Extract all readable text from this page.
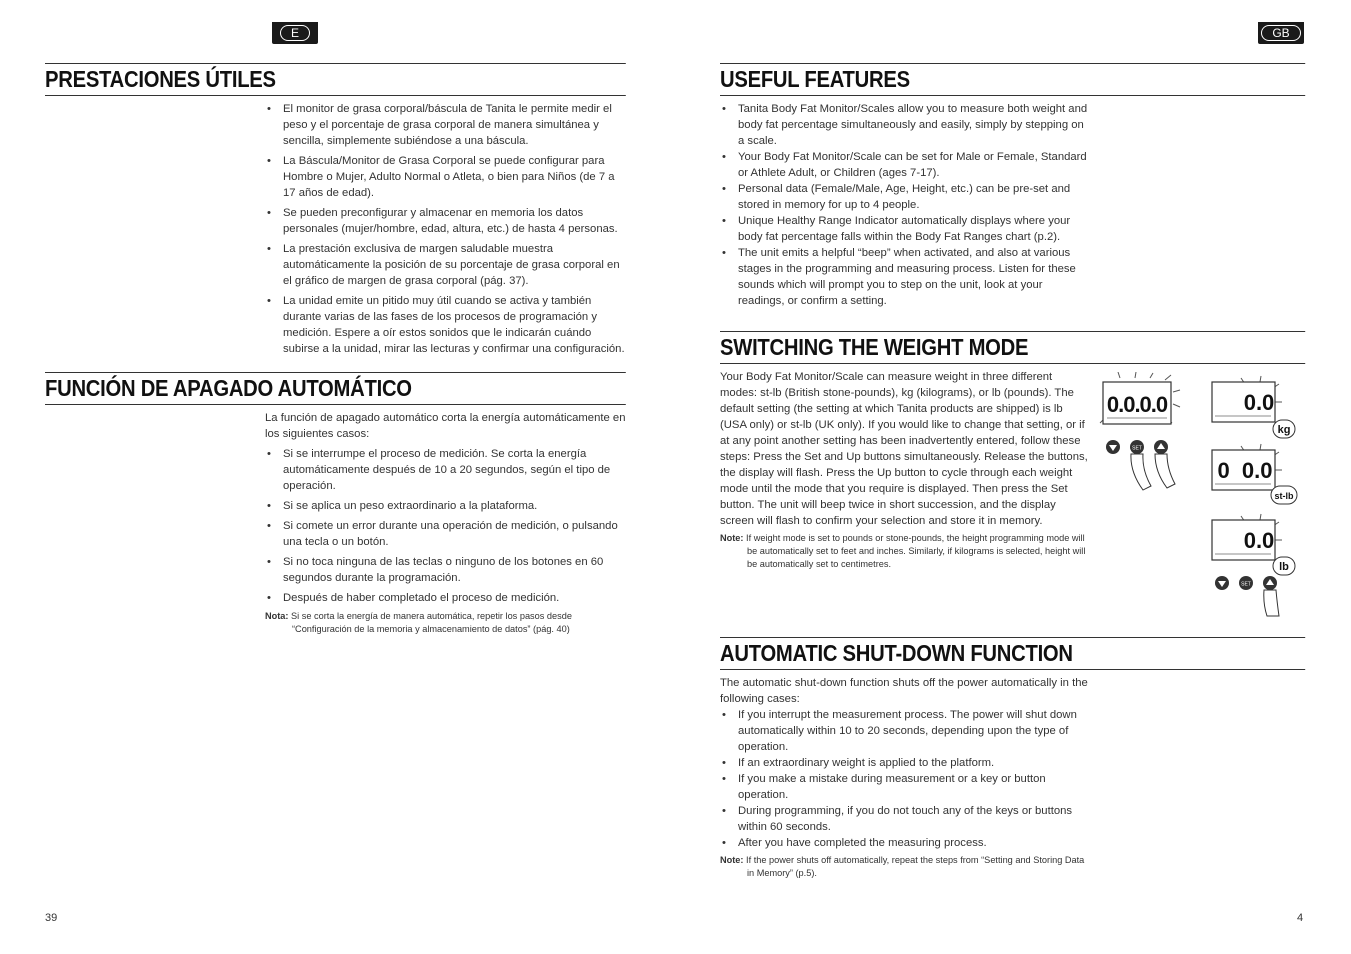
E
PRESTACIONES ÚTILES
• El monitor de grasa corporal/báscula de Tanita le permite medir el peso y el porcentaje de grasa corporal de manera simultánea y sencilla, simplemente subiéndose a una báscula.
• La Báscula/Monitor de Grasa Corporal se puede configurar para Hombre o Mujer, Adulto Normal o Atleta, o bien para Niños (de 7 a 17 años de edad).
• Se pueden preconfigurar y almacenar en memoria los datos personales (mujer/hombre, edad, altura, etc.) de hasta 4 personas.
• La prestación exclusiva de margen saludable muestra automáticamente la posición de su porcentaje de grasa corporal en el gráfico de margen de grasa corporal (pág. 37).
• La unidad emite un pitido muy útil cuando se activa y también durante varias de las fases de los procesos de programación y medición. Espere a oír estos sonidos que le indicarán cuándo subirse a la unidad, mirar las lecturas y confirmar una configuración.
FUNCIÓN DE APAGADO AUTOMÁTICO

La función de apagado automático corta la energía automáticamente en los siguientes casos:

• Si se interrumpe el proceso de medición. Se corta la energía automáticamente después de 10 a 20 segundos, según el tipo de operación.
• Si se aplica un peso extraordinario a la plataforma.
• Si comete un error durante una operación de medición, o pulsando una tecla o un botón.
• Si no toca ninguna de las teclas o ninguno de los botones en 60 segundos durante la programación.
• Después de haber completado el proceso de medición.
Nota: Si se corta la energía de manera automática, repetir los pasos desde “Configuración de la memoria y almacenamiento de datos” (pág. 40)
39
GB
USEFUL FEATURES
• Tanita Body Fat Monitor/Scales allow you to measure both weight and body fat percentage simultaneously and easily, simply by stepping on a scale.
• Your Body Fat Monitor/Scale can be set for Male or Female, Standard or Athlete Adult, or Children (ages 7-17).
• Personal data (Female/Male, Age, Height, etc.) can be pre-set and stored in memory for up to 4 people.
• Unique Healthy Range Indicator automatically displays where your body fat percentage falls within the Body Fat Ranges chart (p.2).
• The unit emits a helpful “beep” when activated, and also at various stages in the programming and measuring process. Listen for these sounds which will prompt you to step on the unit, look at your readings, or confirm a setting.
SWITCHING THE WEIGHT MODE

Your Body Fat Monitor/Scale can measure weight in three different modes: st-lb (British stone-pounds), kg (kilograms), or lb (pounds). The default setting (the setting at which Tanita products are shipped) is lb (USA only) or st-lb (UK only). If you would like to change that setting, or if at any point another setting has been inadvertently entered, follow these steps: Press the Set and Up buttons simultaneously. Release the buttons, the display will flash. Press the Up button to cycle through each weight mode until the mode that you require is displayed. Then press the Set button. The unit will beep twice in short succession, and the display screen will flash to confirm your selection and store it in memory.

Note: If weight mode is set to pounds or stone-pounds, the height programming mode will be automatically set to feet and inches. Similarly, if kilograms is selected, height will be automatically set to centimetres.
0.0.0.0
SET
0.0
kg
0  0.0
st-lb
0.0
lb
SET
AUTOMATIC SHUT-DOWN FUNCTION

The automatic shut-down function shuts off the power automatically in the following cases:

• If you interrupt the measurement process. The power will shut down automatically within 10 to 20 seconds, depending upon the type of operation.
• If an extraordinary weight is applied to the platform.
• If you make a mistake during measurement or a key or button operation.
• During programming, if you do not touch any of the keys or buttons within 60 seconds.
• After you have completed the measuring process.
Note: If the power shuts off automatically, repeat the steps from “Setting and Storing Data in Memory” (p.5).
4
